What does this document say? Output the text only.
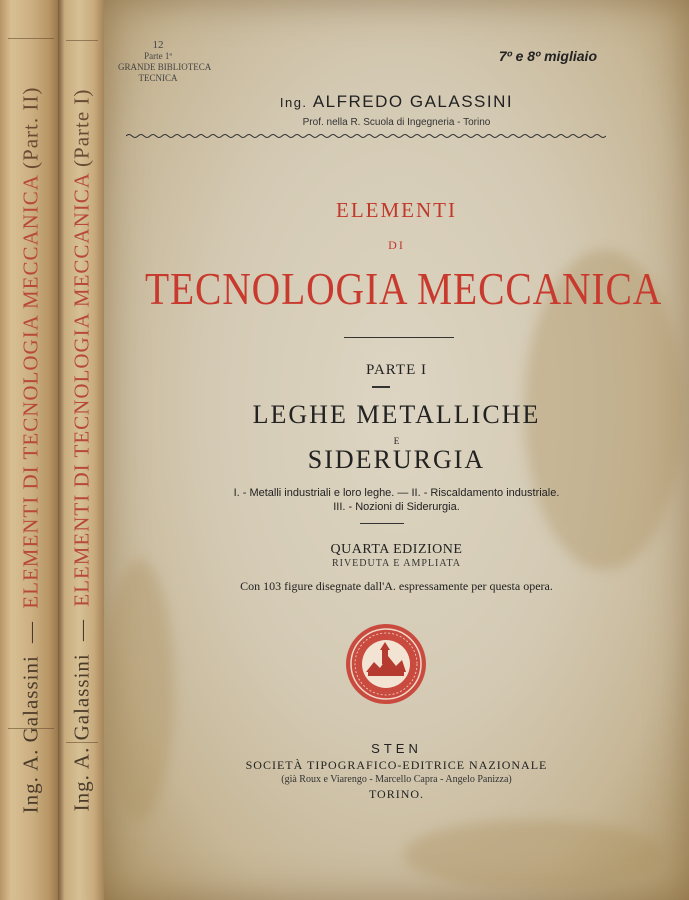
Ing. A. Galassini — ELEMENTI DI TECNOLOGIA MECCANICA (Part. II)
Ing. A. Galassini — ELEMENTI DI TECNOLOGIA MECCANICA (Parte I)
12
Parte 1ª
GRANDE BIBLIOTECA
TECNICA
7º e 8º migliaio
Ing. ALFREDO GALASSINI
Prof. nella R. Scuola di Ingegneria - Torino
ELEMENTI
DI
TECNOLOGIA MECCANICA
PARTE I
LEGHE METALLICHE
E
SIDERURGIA
I. - Metalli industriali e loro leghe. — II. - Riscaldamento industriale.
III. - Nozioni di Siderurgia.
QUARTA EDIZIONE
RIVEDUTA E AMPLIATA
Con 103 figure disegnate dall'A. espressamente per questa opera.
STEN
SOCIETÀ TIPOGRAFICO-EDITRICE NAZIONALE
(già Roux e Viarengo - Marcello Capra - Angelo Panizza)
TORINO.
